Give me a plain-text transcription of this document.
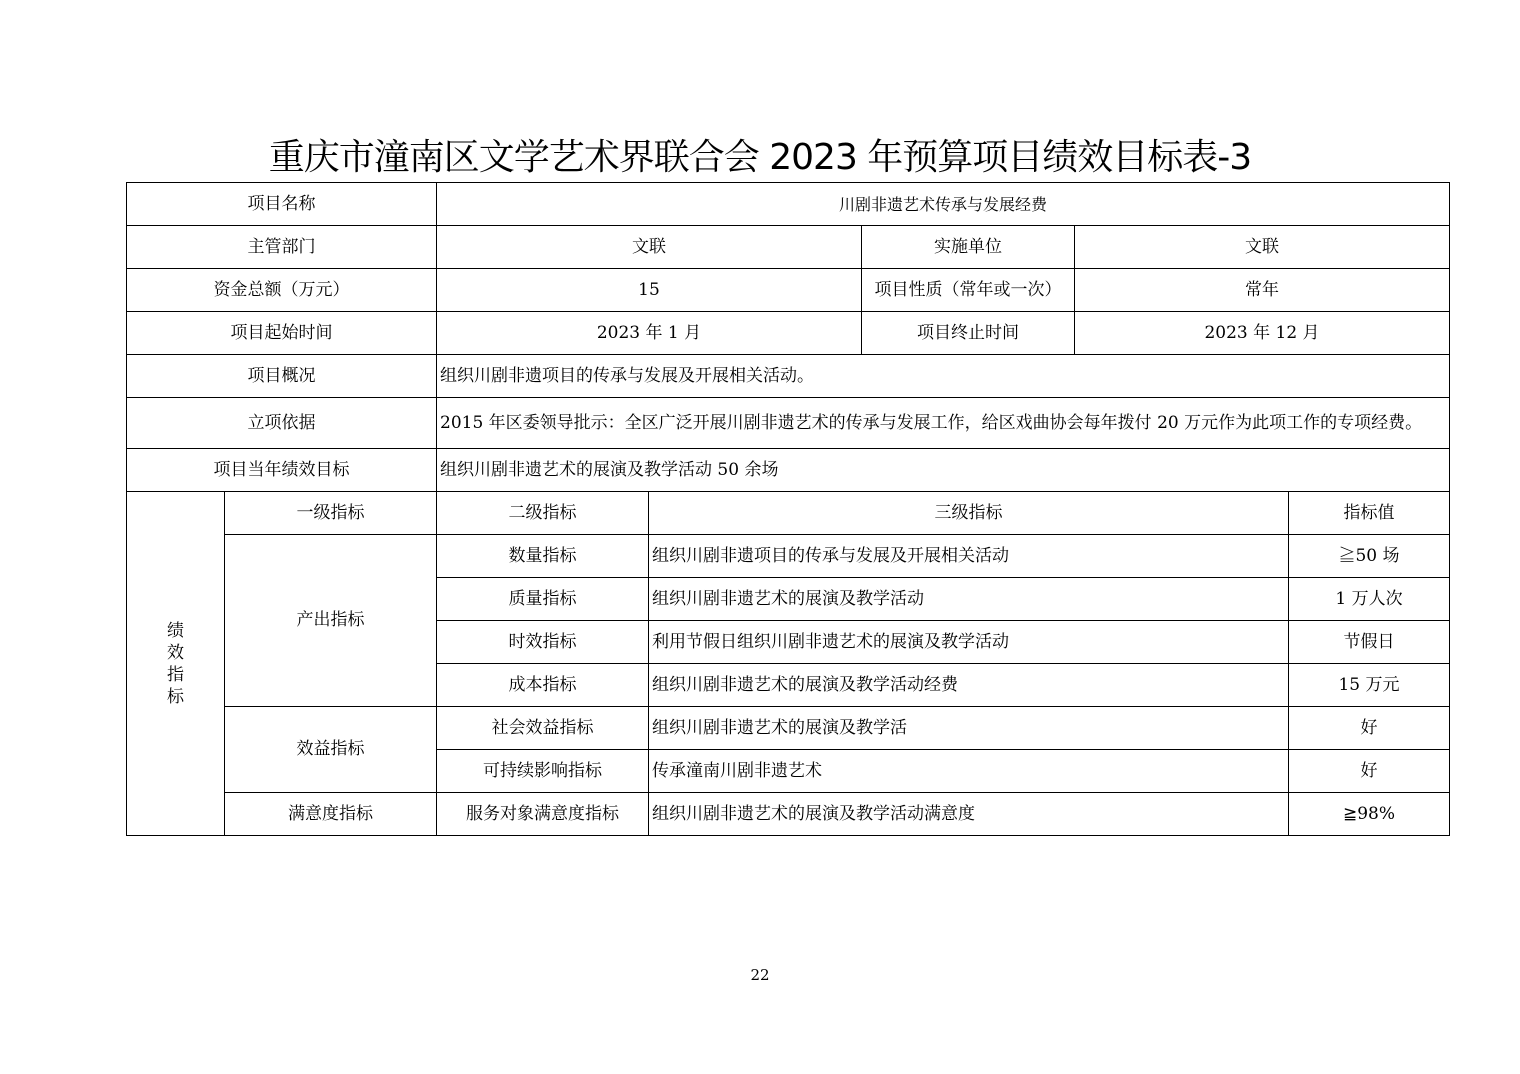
重庆市潼南区文学艺术界联合会 2023 年预算项目绩效目标表-3
项目名称		川剧非遗艺术传承与发展经费				
主管部门		文联		实施单位	文联	
资金总额（万元）		15		项目性质（常年或一次）	常年	
项目起始时间		2023 年 1 月		项目终止时间	2023 年 12 月	
项目概况		组织川剧非遗项目的传承与发展及开展相关活动。				
立项依据		2015 年区委领导批示：全区广泛开展川剧非遗艺术的传承与发展工作，给区戏曲协会每年拨付 20 万元作为此项工作的专项经费。				
项目当年绩效目标		组织川剧非遗艺术的展演及教学活动 50 余场				

绩效指标	一级指标	二级指标	三级指标			指标值
	产出指标	数量指标	组织川剧非遗项目的传承与发展及开展相关活动			≧50 场
		质量指标	组织川剧非遗艺术的展演及教学活动			1 万人次
		时效指标	利用节假日组织川剧非遗艺术的展演及教学活动			节假日
		成本指标	组织川剧非遗艺术的展演及教学活动经费			15 万元
	效益指标	社会效益指标	组织川剧非遗艺术的展演及教学活			好
		可持续影响指标	传承潼南川剧非遗艺术			好
	满意度指标	服务对象满意度指标	组织川剧非遗艺术的展演及教学活动满意度			≧98%
22
